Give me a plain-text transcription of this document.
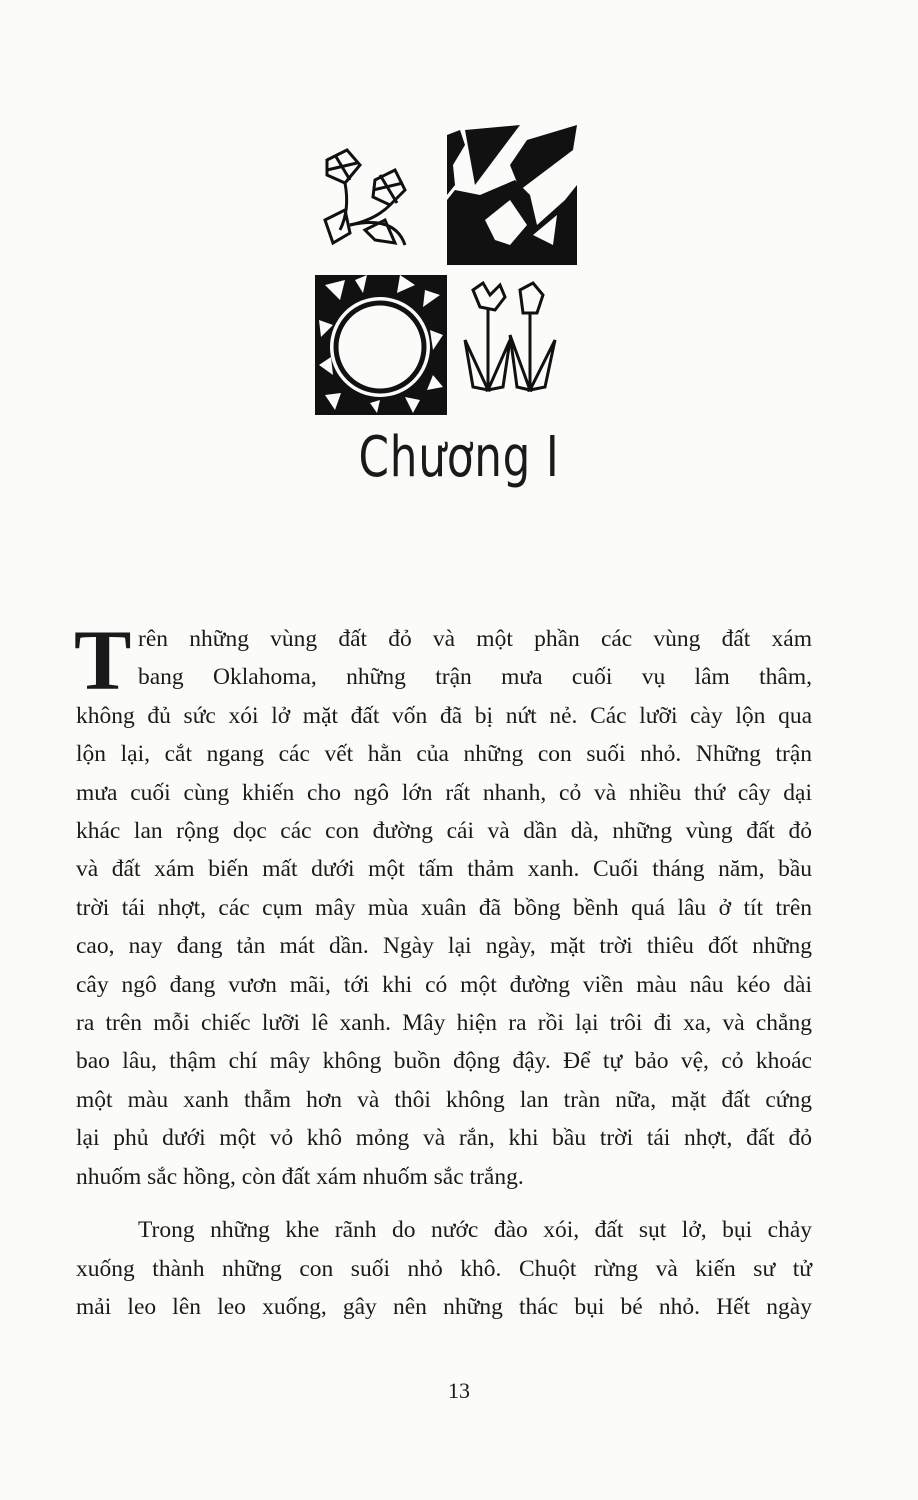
Chương I
T rên những vùng đất đỏ và một phần các vùng đất xám
bang Oklahoma, những trận mưa cuối vụ lâm thâm,
không đủ sức xói lở mặt đất vốn đã bị nứt nẻ. Các lưỡi cày lộn qua
lộn lại, cắt ngang các vết hằn của những con suối nhỏ. Những trận
mưa cuối cùng khiến cho ngô lớn rất nhanh, cỏ và nhiều thứ cây dại
khác lan rộng dọc các con đường cái và dần dà, những vùng đất đỏ
và đất xám biến mất dưới một tấm thảm xanh. Cuối tháng năm, bầu
trời tái nhợt, các cụm mây mùa xuân đã bồng bềnh quá lâu ở tít trên
cao, nay đang tản mát dần. Ngày lại ngày, mặt trời thiêu đốt những
cây ngô đang vươn mãi, tới khi có một đường viền màu nâu kéo dài
ra trên mỗi chiếc lưỡi lê xanh. Mây hiện ra rồi lại trôi đi xa, và chẳng
bao lâu, thậm chí mây không buồn động đậy. Để tự bảo vệ, cỏ khoác
một màu xanh thẫm hơn và thôi không lan tràn nữa, mặt đất cứng
lại phủ dưới một vỏ khô mỏng và rắn, khi bầu trời tái nhợt, đất đỏ
nhuốm sắc hồng, còn đất xám nhuốm sắc trắng.

Trong những khe rãnh do nước đào xói, đất sụt lở, bụi chảy
xuống thành những con suối nhỏ khô. Chuột rừng và kiến sư tử
mải leo lên leo xuống, gây nên những thác bụi bé nhỏ. Hết ngày

13
